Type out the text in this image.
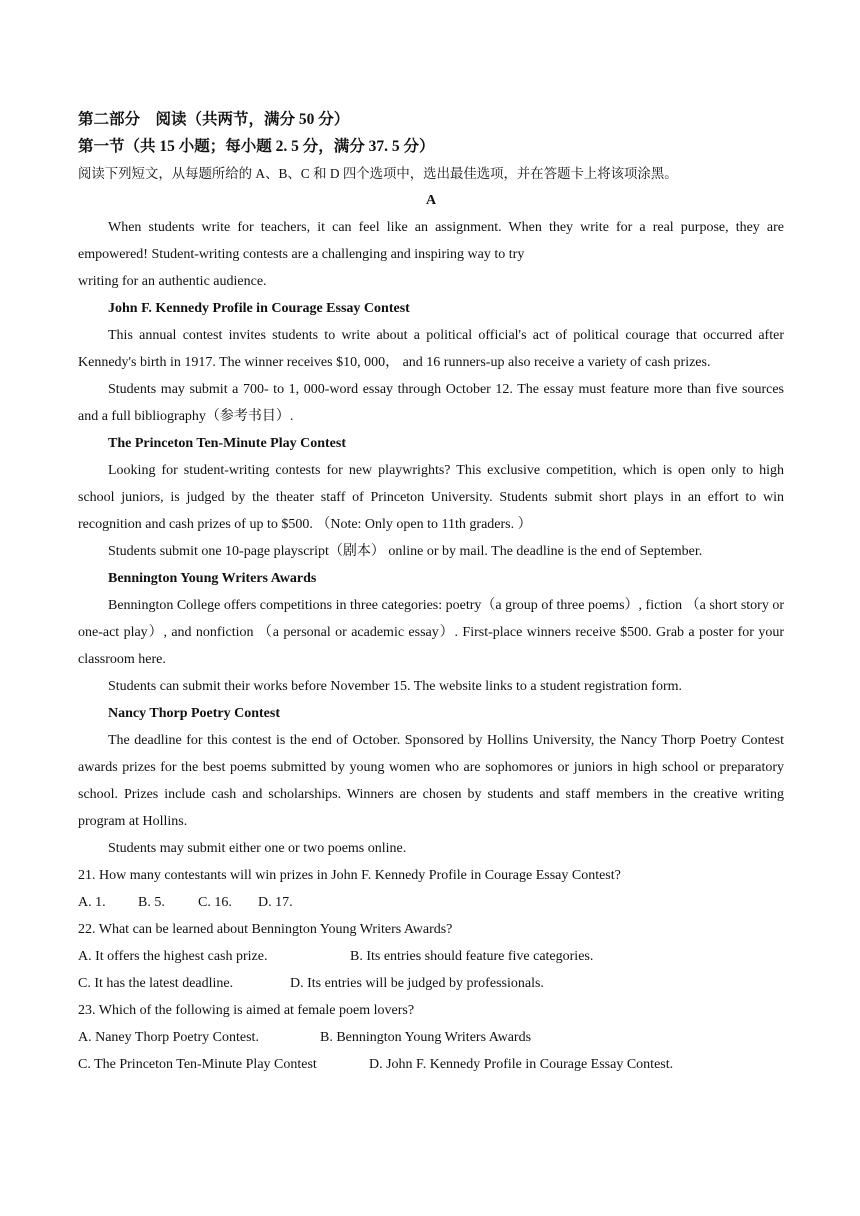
第二部分　阅读（共两节，满分 50 分）
第一节（共 15 小题；每小题 2. 5 分，满分 37. 5 分）
阅读下列短文，从每题所给的 A、B、C 和 D 四个选项中，选出最佳选项，并在答题卡上将该项涂黑。
A
When students write for teachers, it can feel like an assignment. When they write for a real purpose, they are empowered! Student-writing contests are a challenging and inspiring way to try
writing for an authentic audience.
John F. Kennedy Profile in Courage Essay Contest
This annual contest invites students to write about a political official's act of political courage that occurred after Kennedy's birth in 1917. The winner receives $10, 000， and 16 runners-up also receive a variety of cash prizes.
Students may submit a 700- to 1, 000-word essay through October 12. The essay must feature more than five sources and a full bibliography（参考书目）.
The Princeton Ten-Minute Play Contest
Looking for student-writing contests for new playwrights? This exclusive competition, which is open only to high school juniors, is judged by the theater staff of Princeton University. Students submit short plays in an effort to win recognition and cash prizes of up to $500. （Note: Only open to 11th graders. ）
Students submit one 10-page playscript（剧本） online or by mail. The deadline is the end of September.
Bennington Young Writers Awards
Bennington College offers competitions in three categories: poetry（a group of three poems）, fiction （a short story or one-act play）, and nonfiction （a personal or academic essay）. First-place winners receive $500. Grab a poster for your classroom here.
Students can submit their works before November 15. The website links to a student registration form.
Nancy Thorp Poetry Contest
The deadline for this contest is the end of October. Sponsored by Hollins University, the Nancy Thorp Poetry Contest awards prizes for the best poems submitted by young women who are sophomores or juniors in high school or preparatory school. Prizes include cash and scholarships. Winners are chosen by students and staff members in the creative writing program at Hollins.
Students may submit either one or two poems online.
21. How many contestants will win prizes in John F. Kennedy Profile in Courage Essay Contest?
A. 1. B. 5. C. 16. D. 17.
22. What can be learned about Bennington Young Writers Awards?
A. It offers the highest cash prize.	B. Its entries should feature five categories.
C. It has the latest deadline.	D. Its entries will be judged by professionals.
23. Which of the following is aimed at female poem lovers?
A. Naney Thorp Poetry Contest.	B. Bennington Young Writers Awards
C. The Princeton Ten-Minute Play Contest	D. John F. Kennedy Profile in Courage Essay Contest.
